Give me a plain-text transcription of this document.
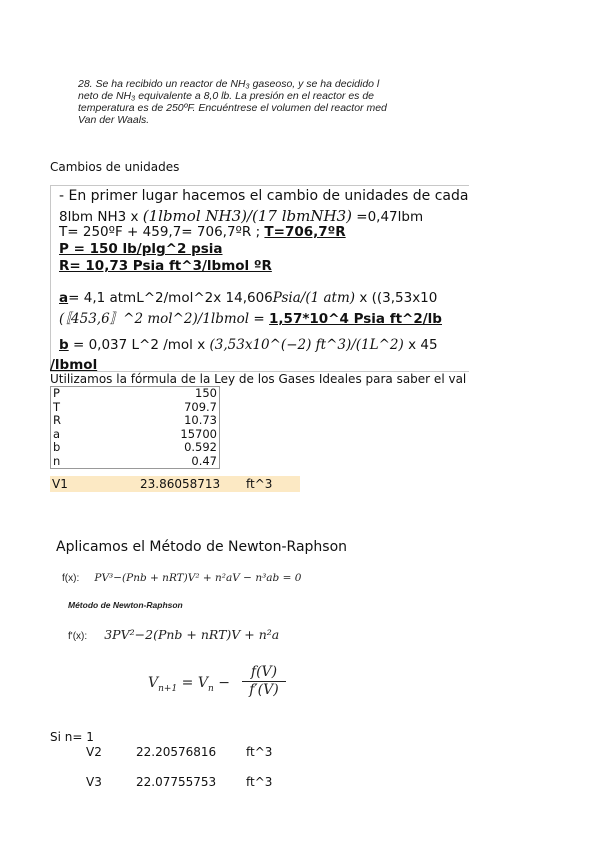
28. Se ha recibido un reactor de NH₃ gaseoso, y se ha decidido l
neto de NH₃ equivalente a 8,0 lb. La presión en el reactor es de
temperatura es de 250ºF. Encuéntrese el volumen del reactor med
Van der Waals.
Cambios de unidades
- En primer lugar hacemos el cambio de unidades de cada
8lbm NH3 x (1lbmol NH3)/(17 lbmNH3) =0,47lbm
T= 250ºF + 459,7= 706,7ºR ; T=706,7ºR
P = 150 lb/plg^2 psia
R= 10,73 Psia ft^3/lbmol ºR
a= 4,1 atmL^2/mol^2x 14,606Psia/(1 atm) x ((3,53x10
(〚453,6〛^2 mol^2)/1lbmol = 1,57*10^4 Psia ft^2/lb
b = 0,037 L^2 /mol x (3,53x10^(−2) ft^3)/(1L^2) x 45
/lbmol
Utilizamos la fórmula de la Ley de los Gases Ideales para saber el val
P	150
T	709.7
R	10.73
a	15700
b	0.592
n	0.47
V1	23.86058713 ft^3
Aplicamos el Método de Newton-Raphson
f(x): PV³−(Pnb + nRT)V² + n²aV − n³ab = 0
Método de Newton-Raphson
f'(x): 3PV²−2(Pnb + nRT)V + n²a
$V_{n+1} = V_n - \frac{f(V)}{f'(V)}$
Si n= 1
V2	22.20576816 ft^3
V3	22.07755753 ft^3
